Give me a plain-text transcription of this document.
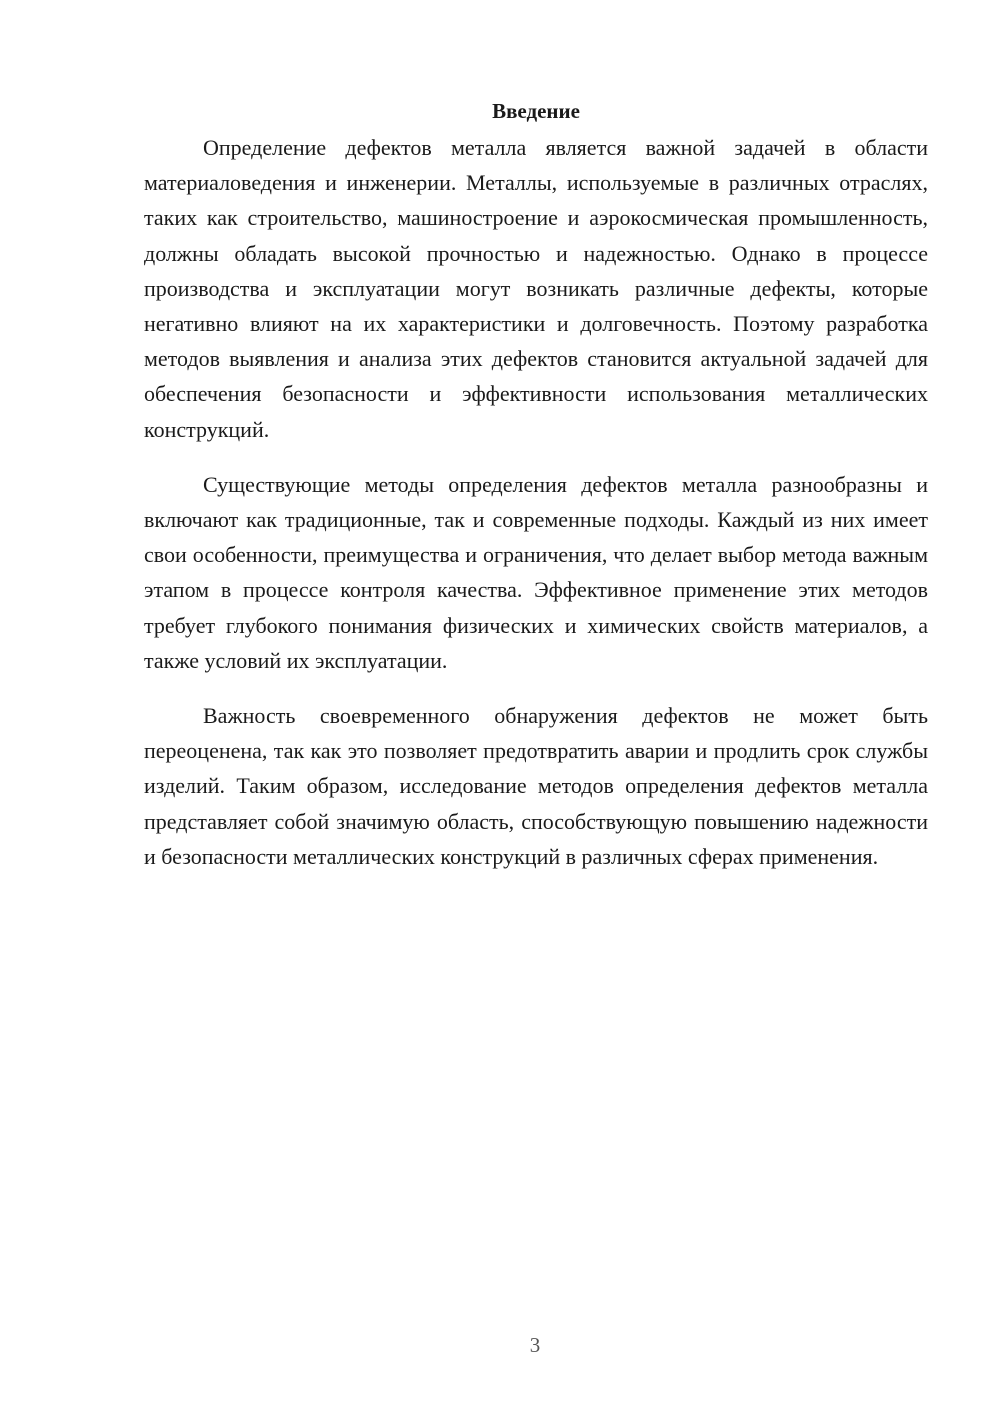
Введение

Определение дефектов металла является важной задачей в области материаловедения и инженерии. Металлы, используемые в различных отраслях, таких как строительство, машиностроение и аэрокосмическая промышленность, должны обладать высокой прочностью и надежностью. Однако в процессе производства и эксплуатации могут возникать различные дефекты, которые негативно влияют на их характеристики и долговечность. Поэтому разработка методов выявления и анализа этих дефектов становится актуальной задачей для обеспечения безопасности и эффективности использования металлических конструкций.

Существующие методы определения дефектов металла разнообразны и включают как традиционные, так и современные подходы. Каждый из них имеет свои особенности, преимущества и ограничения, что делает выбор метода важным этапом в процессе контроля качества. Эффективное применение этих методов требует глубокого понимания физических и химических свойств материалов, а также условий их эксплуатации.

Важность своевременного обнаружения дефектов не может быть переоценена, так как это позволяет предотвратить аварии и продлить срок службы изделий. Таким образом, исследование методов определения дефектов металла представляет собой значимую область, способствующую повышению надежности и безопасности металлических конструкций в различных сферах применения.

3
